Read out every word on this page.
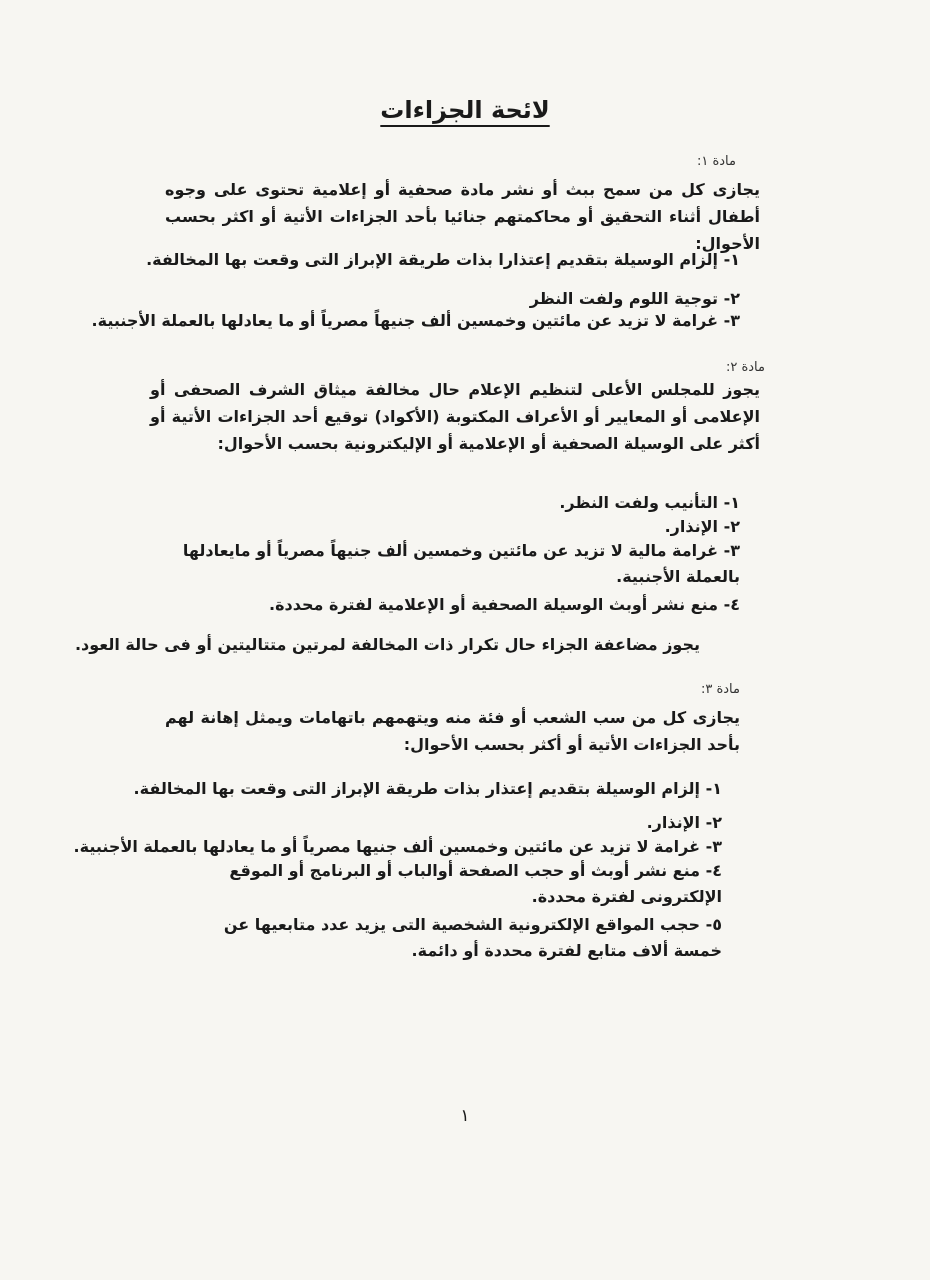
لائحة الجزاءات
مادة ١:
يجازى كل من سمح ببث أو نشر مادة صحفية أو إعلامية تحتوى على وجوه أطفال أثناء التحقيق أو محاكمتهم جنائيا بأحد الجزاءات الأتية أو اكثر بحسب الأحوال:
١- إلزام الوسيلة بتقديم إعتذارا بذات طريقة الإبراز التى وقعت بها المخالفة.
٢- توجية اللوم ولفت النظر
٣- غرامة لا تزيد عن مائتين وخمسين ألف جنيهاً مصرياً أو ما يعادلها بالعملة الأجنبية.
مادة ٢:
يجوز للمجلس الأعلى لتنظيم الإعلام حال مخالفة ميثاق الشرف الصحفى أو الإعلامى أو المعايير أو الأعراف المكتوبة (الأكواد) توقيع أحد الجزاءات الأتية أو أكثر على الوسيلة الصحفية أو الإعلامية أو الإليكترونية بحسب الأحوال:
١- التأنيب ولفت النظر.
٢- الإنذار.
٣- غرامة مالية لا تزيد عن مائتين وخمسين ألف جنيهاً مصرياً أو مايعادلها بالعملة الأجنبية.
٤- منع نشر أوبث الوسيلة الصحفية أو الإعلامية لفترة محددة.
يجوز مضاعفة الجزاء حال تكرار ذات المخالفة لمرتين متتاليتين أو فى حالة العود.
مادة ٣:
يجازى كل من سب الشعب أو فئة منه ويتهمهم باتهامات ويمثل إهانة لهم بأحد الجزاءات الأتية أو أكثر بحسب الأحوال:
١- إلزام الوسيلة بتقديم إعتذار بذات طريقة الإبراز التى وقعت بها المخالفة.
٢- الإنذار.
٣- غرامة لا تزيد عن مائتين وخمسين ألف جنيها مصرياً أو ما يعادلها بالعملة الأجنبية.
٤- منع نشر أوبث أو حجب الصفحة أوالباب أو البرنامج أو الموقع الإلكترونى لفترة محددة.
٥- حجب المواقع الإلكترونية الشخصية التى يزيد عدد متابعيها عن خمسة ألاف متابع لفترة محددة أو دائمة.
١
